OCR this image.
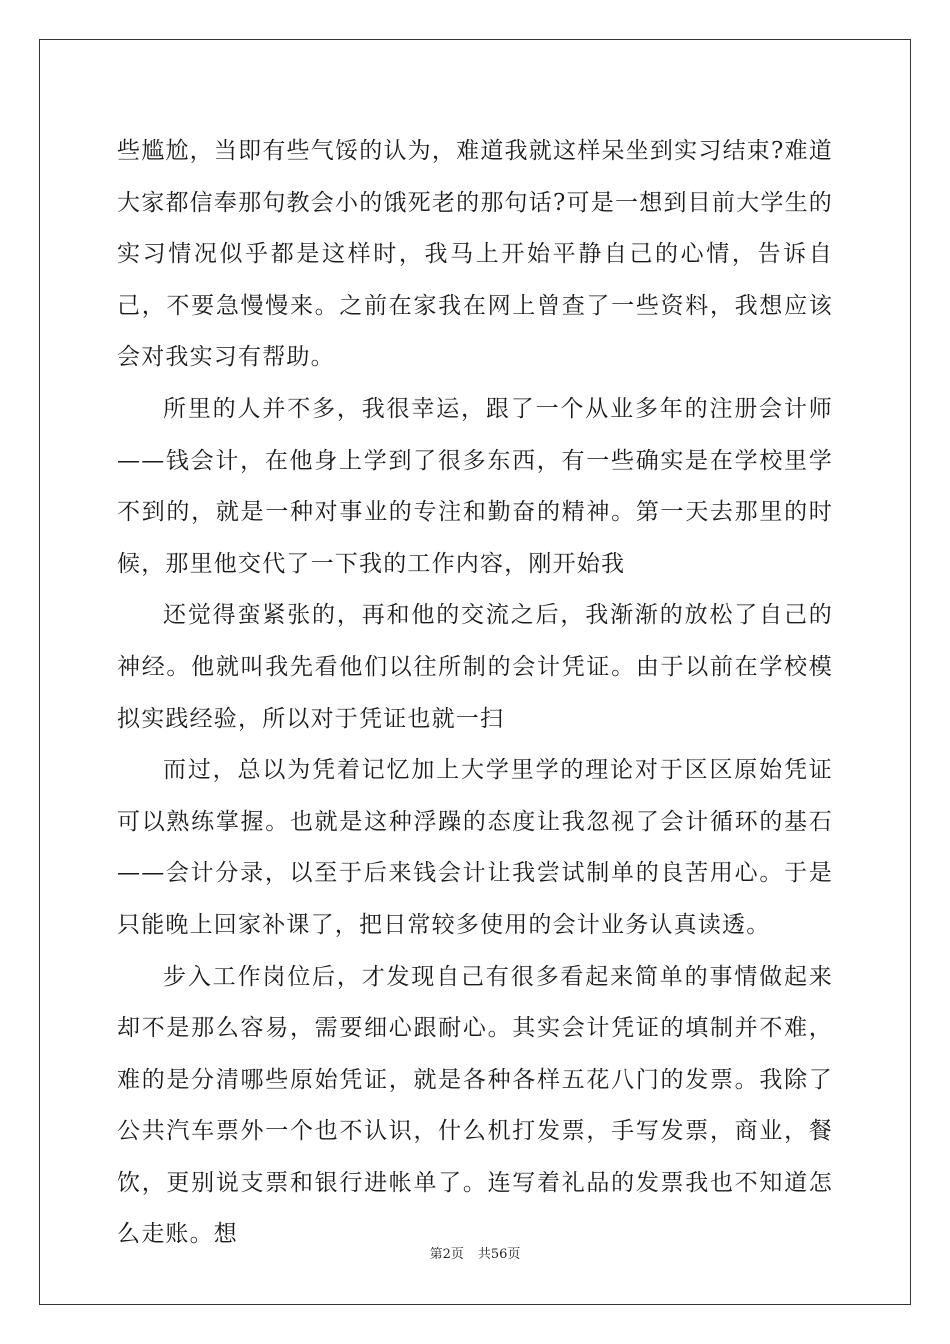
些尴尬，当即有些气馁的认为，难道我就这样呆坐到实习结束?难道大家都信奉那句教会小的饿死老的那句话?可是一想到目前大学生的实习情况似乎都是这样时，我马上开始平静自己的心情，告诉自己，不要急慢慢来。之前在家我在网上曾查了一些资料，我想应该会对我实习有帮助。

所里的人并不多，我很幸运，跟了一个从业多年的注册会计师——钱会计，在他身上学到了很多东西，有一些确实是在学校里学不到的，就是一种对事业的专注和勤奋的精神。第一天去那里的时候，那里他交代了一下我的工作内容，刚开始我

还觉得蛮紧张的，再和他的交流之后，我渐渐的放松了自己的神经。他就叫我先看他们以往所制的会计凭证。由于以前在学校模拟实践经验，所以对于凭证也就一扫

而过，总以为凭着记忆加上大学里学的理论对于区区原始凭证可以熟练掌握。也就是这种浮躁的态度让我忽视了会计循环的基石——会计分录，以至于后来钱会计让我尝试制单的良苦用心。于是只能晚上回家补课了，把日常较多使用的会计业务认真读透。

步入工作岗位后，才发现自己有很多看起来简单的事情做起来却不是那么容易，需要细心跟耐心。其实会计凭证的填制并不难，难的是分清哪些原始凭证，就是各种各样五花八门的发票。我除了公共汽车票外一个也不认识，什么机打发票，手写发票，商业，餐饮，更别说支票和银行进帐单了。连写着礼品的发票我也不知道怎么走账。想

第2页 共56页
